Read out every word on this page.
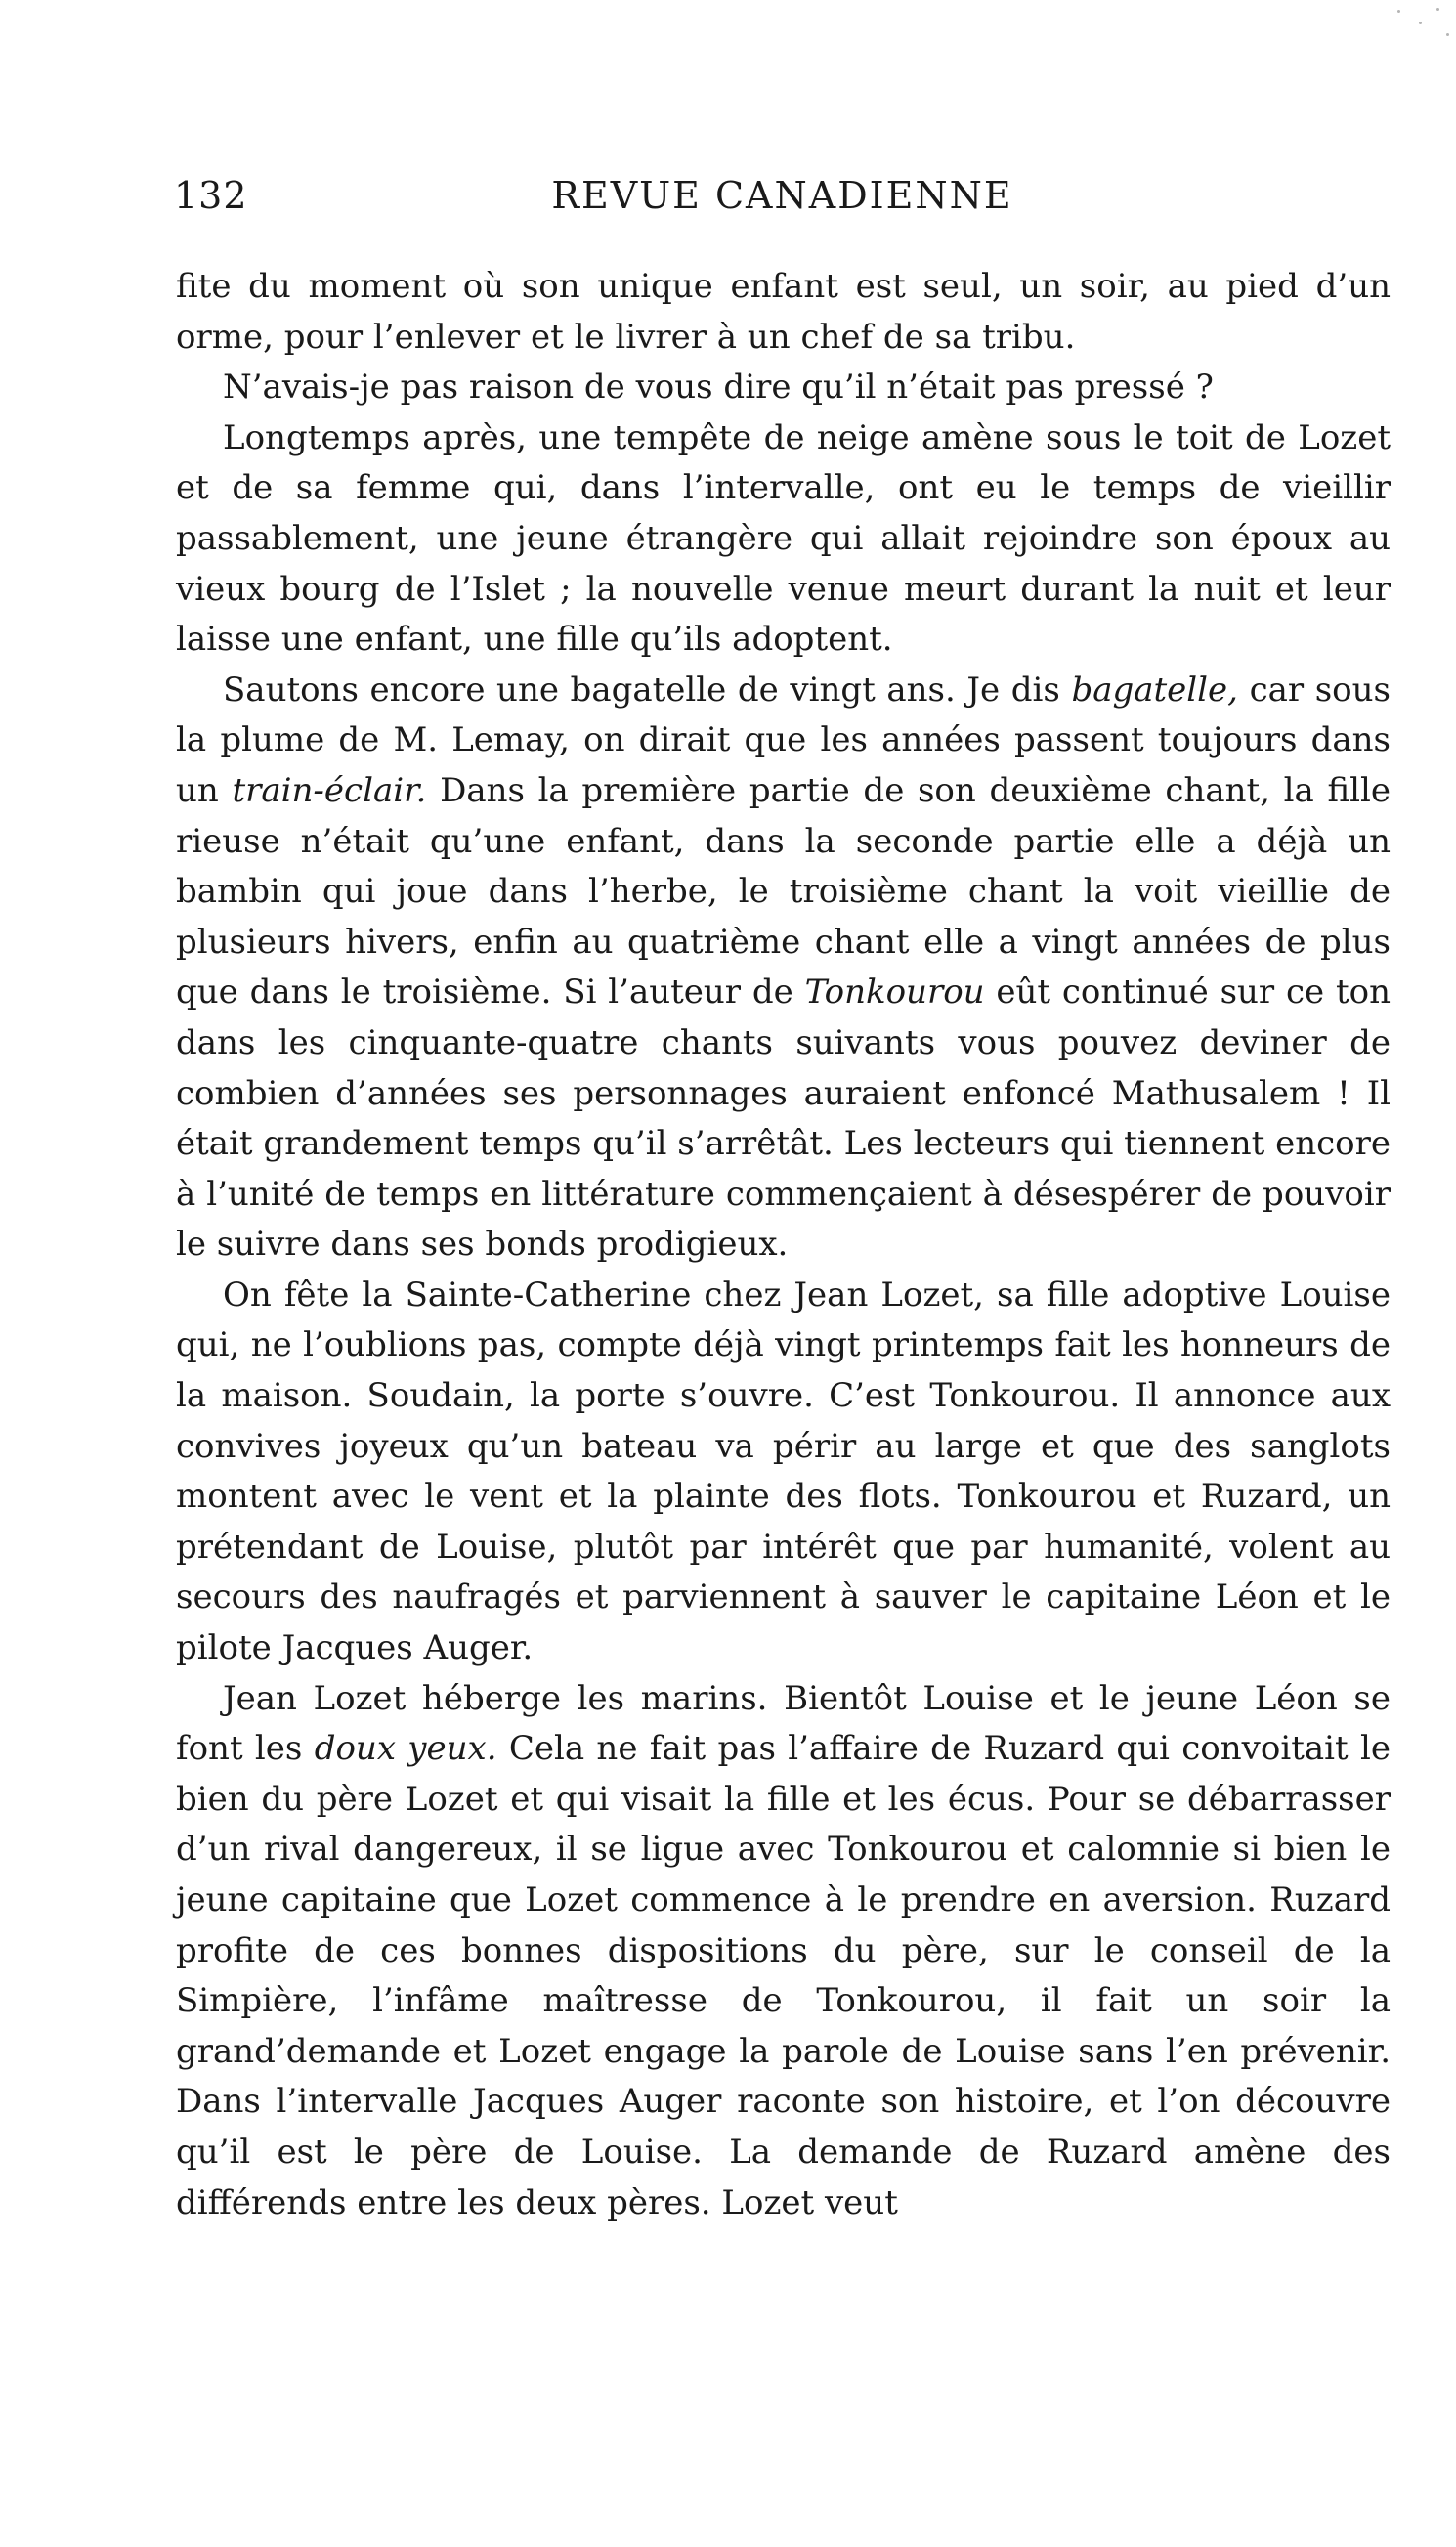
132	REVUE CANADIENNE

fite du moment où son unique enfant est seul, un soir, au pied d’un orme, pour l’enlever et le livrer à un chef de sa tribu.

N’avais-je pas raison de vous dire qu’il n’était pas pressé ?

Longtemps après, une tempête de neige amène sous le toit de Lozet et de sa femme qui, dans l’intervalle, ont eu le temps de vieillir passablement, une jeune étrangère qui allait rejoindre son époux au vieux bourg de l’Islet ; la nouvelle venue meurt durant la nuit et leur laisse une enfant, une fille qu’ils adoptent.

Sautons encore une bagatelle de vingt ans. Je dis bagatelle, car sous la plume de M. Lemay, on dirait que les années passent toujours dans un train-éclair. Dans la première partie de son deuxième chant, la fille rieuse n’était qu’une enfant, dans la seconde partie elle a déjà un bambin qui joue dans l’herbe, le troisième chant la voit vieillie de plusieurs hivers, enfin au quatrième chant elle a vingt années de plus que dans le troisième. Si l’auteur de Tonkourou eût continué sur ce ton dans les cinquante-quatre chants suivants vous pouvez deviner de combien d’années ses personnages auraient enfoncé Mathusalem ! Il était grandement temps qu’il s’arrêtât. Les lecteurs qui tiennent encore à l’unité de temps en littérature commençaient à désespérer de pouvoir le suivre dans ses bonds prodigieux.

On fête la Sainte-Catherine chez Jean Lozet, sa fille adoptive Louise qui, ne l’oublions pas, compte déjà vingt printemps fait les honneurs de la maison. Soudain, la porte s’ouvre. C’est Tonkourou. Il annonce aux convives joyeux qu’un bateau va périr au large et que des sanglots montent avec le vent et la plainte des flots. Tonkourou et Ruzard, un prétendant de Louise, plutôt par intérêt que par humanité, volent au secours des naufragés et parviennent à sauver le capitaine Léon et le pilote Jacques Auger.

Jean Lozet héberge les marins. Bientôt Louise et le jeune Léon se font les doux yeux. Cela ne fait pas l’affaire de Ruzard qui convoitait le bien du père Lozet et qui visait la fille et les écus. Pour se débarrasser d’un rival dangereux, il se ligue avec Tonkourou et calomnie si bien le jeune capitaine que Lozet commence à le prendre en aversion. Ruzard profite de ces bonnes dispositions du père, sur le conseil de la Simpière, l’infâme maîtresse de Tonkourou, il fait un soir la grand’demande et Lozet engage la parole de Louise sans l’en prévenir. Dans l’intervalle Jacques Auger raconte son histoire, et l’on découvre qu’il est le père de Louise. La demande de Ruzard amène des différends entre les deux pères. Lozet veut
